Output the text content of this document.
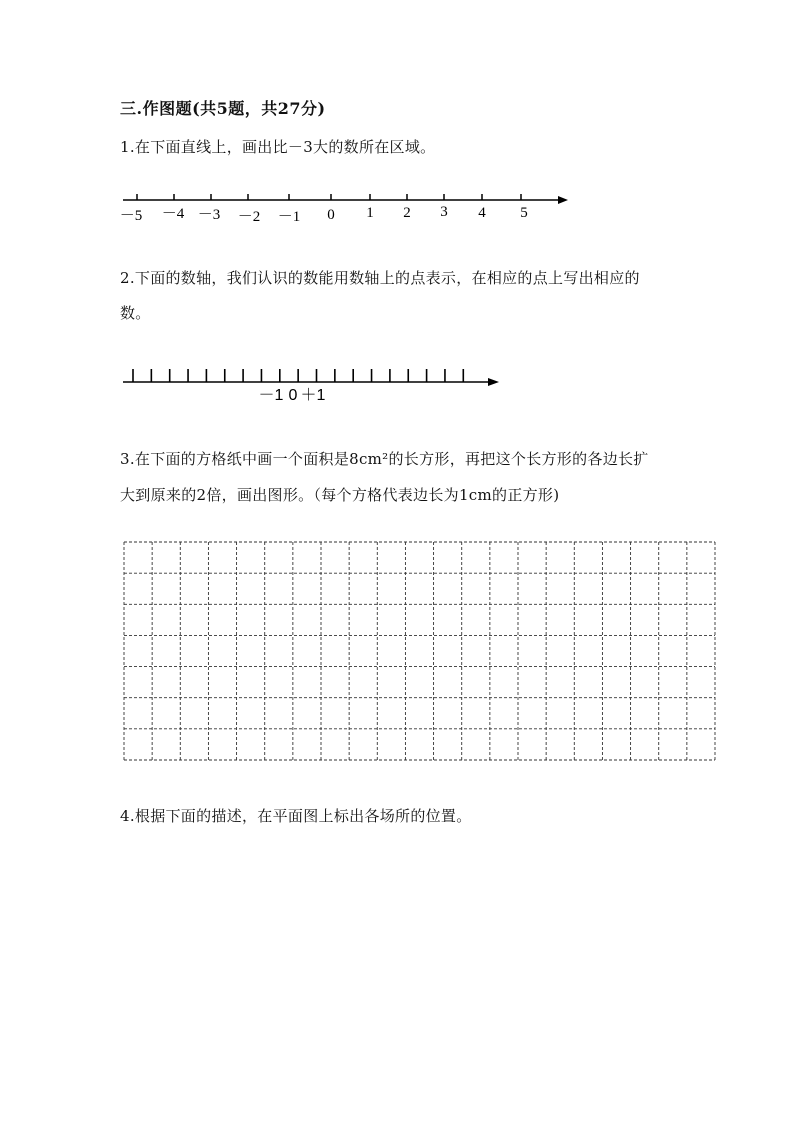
三.作图题(共5题，共27分)
1.在下面直线上，画出比－3大的数所在区域。
－5 －4 －3 －2 －1 0 1 2 3 4 5
2.下面的数轴，我们认识的数能用数轴上的点表示，在相应的点上写出相应的
数。
－1 0 ＋1
3.在下面的方格纸中画一个面积是8cm²的长方形，再把这个长方形的各边长扩
大到原来的2倍，画出图形。（每个方格代表边长为1cm的正方形)
4.根据下面的描述，在平面图上标出各场所的位置。
